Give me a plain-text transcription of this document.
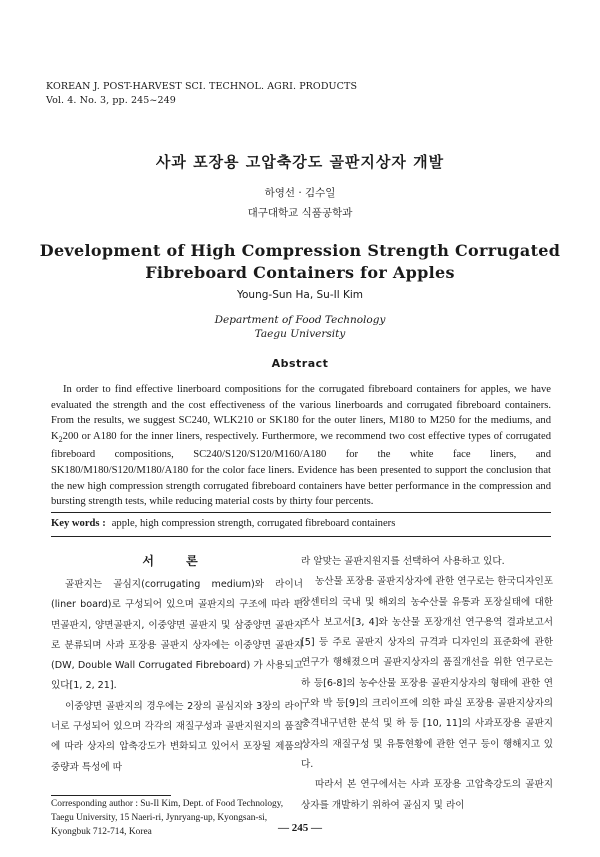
KOREAN J. POST-HARVEST SCI. TECHNOL. AGRI. PRODUCTS
Vol. 4. No. 3, pp. 245~249
사과 포장용 고압축강도 골판지상자 개발
하영선 · 김수일
대구대학교 식품공학과
Development of High Compression Strength Corrugated
Fibreboard Containers for Apples
Young-Sun Ha, Su-Il Kim
Department of Food Technology
Taegu University
Abstract
In order to find effective linerboard compositions for the corrugated fibreboard containers for apples, we have evaluated the strength and the cost effectiveness of the various linerboards and corrugated fibreboard containers. From the results, we suggest SC240, WLK210 or SK180 for the outer liners, M180 to M250 for the mediums, and $K_2200$ or A180 for the inner liners, respectively. Furthermore, we recommend two cost effective types of corrugated fibreboard compositions, SC240/S120/S120/M160/A180 for the white face liners, and SK180/M180/S120/M180/A180 for the color face liners. Evidence has been presented to support the conclusion that the new high compression strength corrugated fibreboard containers have better performance in the compression and bursting strength tests, while reducing material costs by thirty four percents.
Key words : apple, high compression strength, corrugated fibreboard containers
서 론

골판지는 골심지(corrugating medium)와 라이너(liner board)로 구성되어 있으며 골판지의 구조에 따라 편면골판지, 양면골판지, 이중양면 골판지 및 삼중양면 골판지로 분류되며 사과 포장용 골판지 상자에는 이중양면 골판지(DW, Double Wall Corrugated Fibreboard) 가 사용되고 있다[1, 2, 21].

이중양면 골판지의 경우에는 2장의 골심지와 3장의 라이너로 구성되어 있으며 각각의 재질구성과 골판지원지의 품질에 따라 상자의 압축강도가 변화되고 있어서 포장될 제품의 중량과 특성에 따

라 알맞는 골판지원지를 선택하여 사용하고 있다.

농산물 포장용 골판지상자에 관한 연구로는 한국디자인포장센터의 국내 및 해외의 농수산물 유통과 포장실태에 대한 조사 보고서[3, 4]와 농산물 포장개선 연구용역 결과보고서[5] 등 주로 골판지 상자의 규격과 디자인의 표준화에 관한 연구가 행해졌으며 골판지상자의 품질개선을 위한 연구로는 하 등[6-8]의 농수산물 포장용 골판지상자의 형태에 관한 연구와 박 등[9]의 크리이프에 의한 파실 포장용 골판지상자의 충격내구년한 분석 및 하 등 [10, 11]의 사과포장용 골판지상자의 재질구성 및 유통현황에 관한 연구 등이 행해지고 있다.

따라서 본 연구에서는 사과 포장용 고압축강도의 골판지상자를 개발하기 위하여 골심지 및 라이

Corresponding author : Su-Il Kim, Dept. of Food Technology, Taegu University, 15 Naeri-ri, Jynryang-up, Kyongsan-si, Kyongbuk 712-714, Korea	— 245 —
